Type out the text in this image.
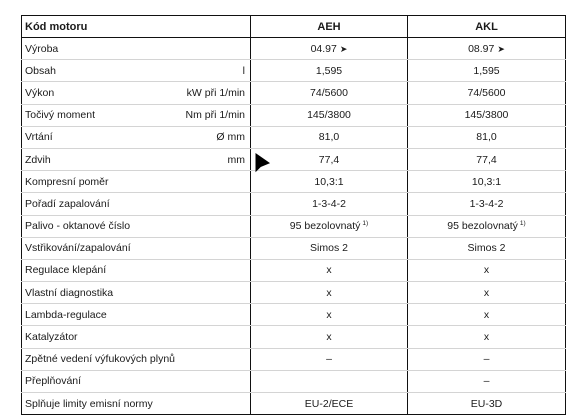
Kód motoru	AEH	AKL

Výroba	04.97 ➤	08.97 ➤

Obsah l	1,595	1,595

Výkon kW při 1/min	74/5600	74/5600

Točivý moment Nm při 1/min	145/3800	145/3800

Vrtání Ø mm	81,0	81,0

Zdvih mm	77,4	77,4

Kompresní poměr	10,3:1	10,3:1

Pořadí zapalování	1-3-4-2	1-3-4-2

Palivo - oktanové číslo	95 bezolovnatý $^{1)}$	95 bezolovnatý $^{1)}$

Vstřikování/zapalování	Simos 2	Simos 2

Regulace klepání	x	x

Vlastní diagnostika	x	x

Lambda-regulace	x	x

Katalyzátor	x	x

Zpětné vedení výfukových plynů	–	–

Přeplňování		–

Splňuje limity emisní normy	EU-2/ECE	EU-3D
